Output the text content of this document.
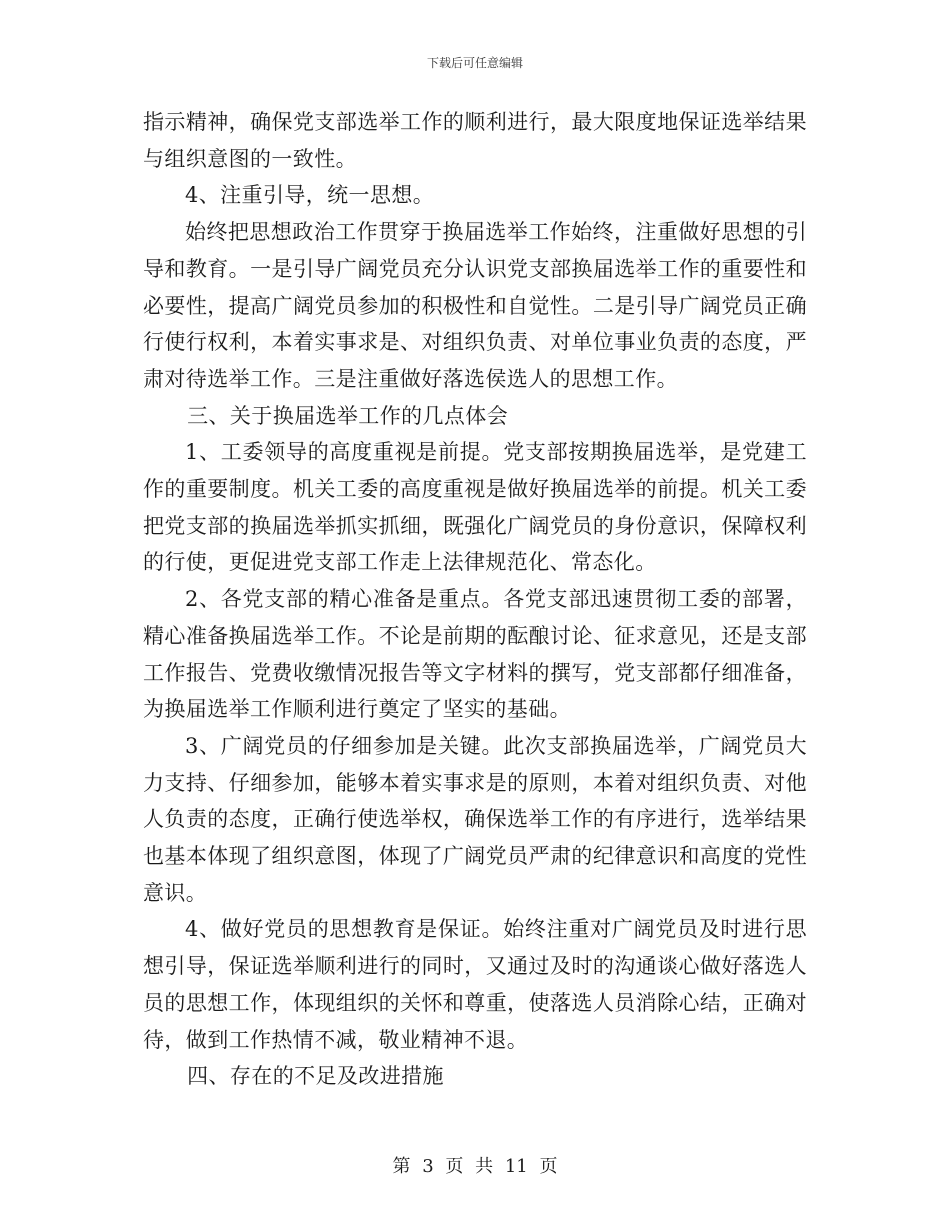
下载后可任意编辑

指示精神，确保党支部选举工作的顺利进行，最大限度地保证选举结果与组织意图的一致性。

4、注重引导，统一思想。

始终把思想政治工作贯穿于换届选举工作始终，注重做好思想的引导和教育。一是引导广阔党员充分认识党支部换届选举工作的重要性和必要性，提高广阔党员参加的积极性和自觉性。二是引导广阔党员正确行使行权利，本着实事求是、对组织负责、对单位事业负责的态度，严肃对待选举工作。三是注重做好落选侯选人的思想工作。

三、关于换届选举工作的几点体会

1、工委领导的高度重视是前提。党支部按期换届选举，是党建工作的重要制度。机关工委的高度重视是做好换届选举的前提。机关工委把党支部的换届选举抓实抓细，既强化广阔党员的身份意识，保障权利的行使，更促进党支部工作走上法律规范化、常态化。

2、各党支部的精心准备是重点。各党支部迅速贯彻工委的部署，精心准备换届选举工作。不论是前期的酝酿讨论、征求意见，还是支部工作报告、党费收缴情况报告等文字材料的撰写，党支部都仔细准备，为换届选举工作顺利进行奠定了坚实的基础。

3、广阔党员的仔细参加是关键。此次支部换届选举，广阔党员大力支持、仔细参加，能够本着实事求是的原则，本着对组织负责、对他人负责的态度，正确行使选举权，确保选举工作的有序进行，选举结果也基本体现了组织意图，体现了广阔党员严肃的纪律意识和高度的党性意识。

4、做好党员的思想教育是保证。始终注重对广阔党员及时进行思想引导，保证选举顺利进行的同时，又通过及时的沟通谈心做好落选人员的思想工作，体现组织的关怀和尊重，使落选人员消除心结，正确对待，做到工作热情不减，敬业精神不退。

四、存在的不足及改进措施

第 3 页 共 11 页
